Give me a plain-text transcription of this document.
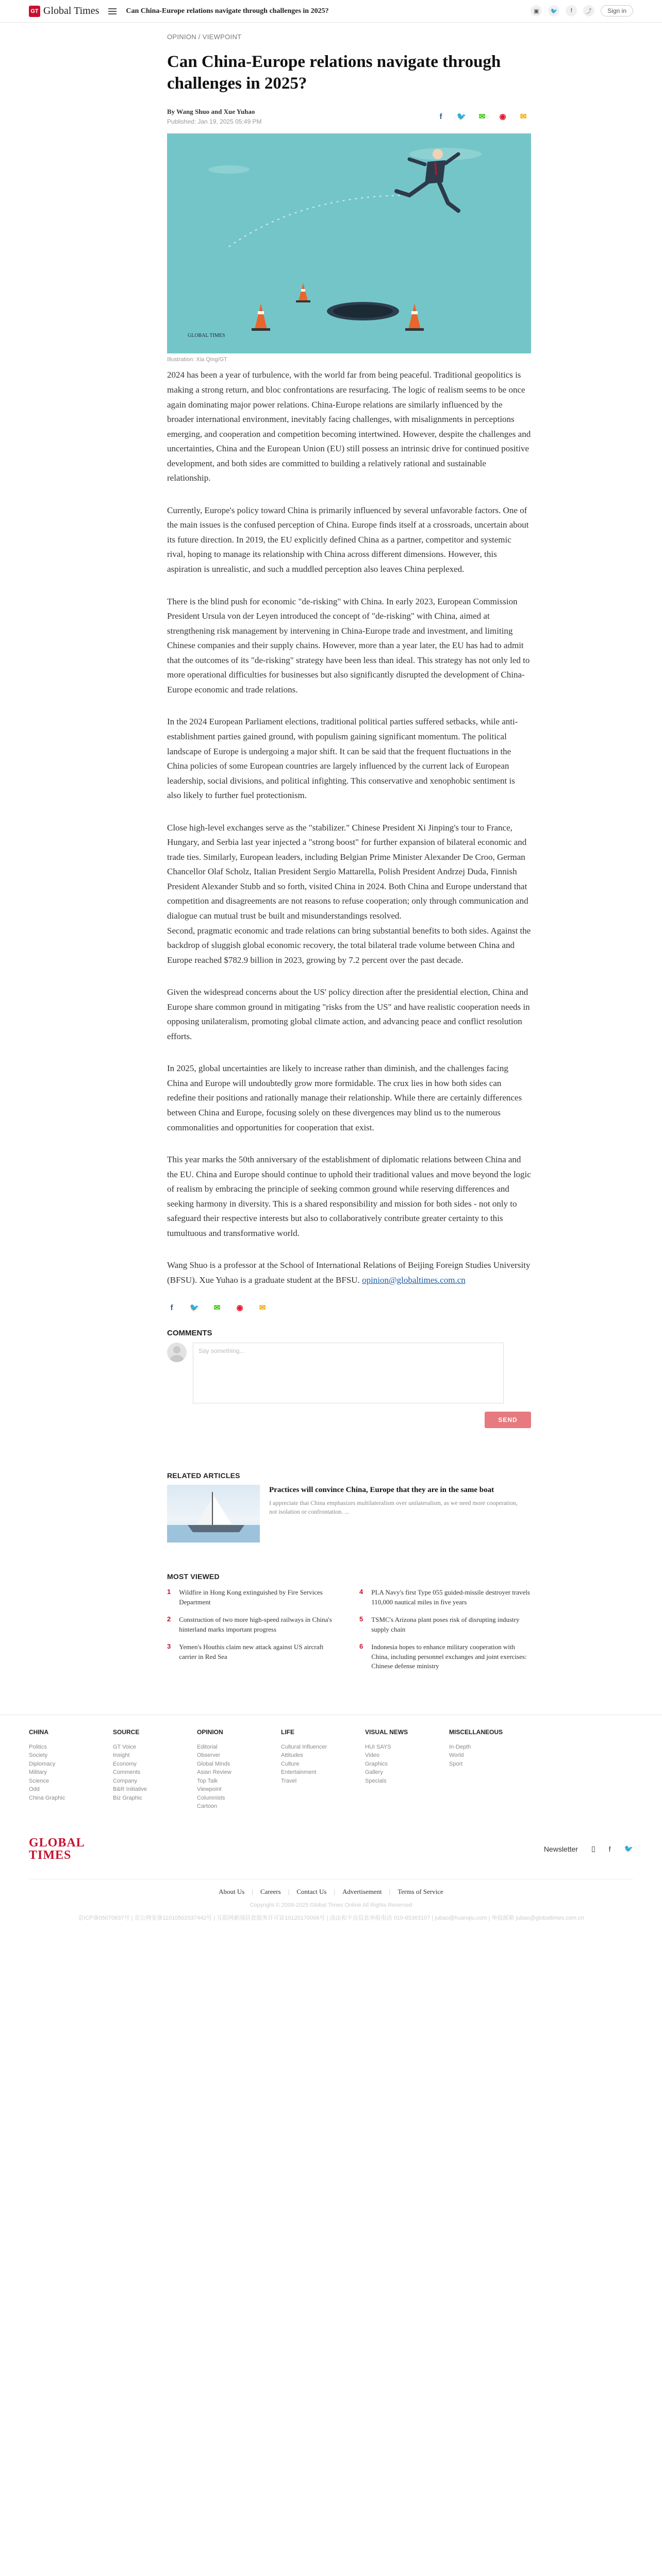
GT Global Times	Can China-Europe relations navigate through challenges in 2025?	▣	🐦	f	⤴	Sign in
OPINION / VIEWPOINT
Can China-Europe relations navigate through challenges in 2025?
By Wang Shuo and Xue Yuhao
Published: Jan 19, 2025 05:49 PM
f	🐦 ✉ ◉ ✉
GLOBAL TIMES
Illustration: Xia Qing/GT

2024 has been a year of turbulence, with the world far from being peaceful. Traditional geopolitics is making a strong return, and bloc confrontations are resurfacing. The logic of realism seems to be once again dominating major power relations. China-Europe relations are similarly influenced by the broader international environment, inevitably facing challenges, with misalignments in perceptions emerging, and cooperation and competition becoming intertwined. However, despite the challenges and uncertainties, China and the European Union (EU) still possess an intrinsic drive for continued positive development, and both sides are committed to building a relatively rational and sustainable relationship.

Currently, Europe's policy toward China is primarily influenced by several unfavorable factors. One of the main issues is the confused perception of China. Europe finds itself at a crossroads, uncertain about its future direction. In 2019, the EU explicitly defined China as a partner, competitor and systemic rival, hoping to manage its relationship with China across different dimensions. However, this aspiration is unrealistic, and such a muddled perception also leaves China perplexed.

There is the blind push for economic "de-risking" with China. In early 2023, European Commission President Ursula von der Leyen introduced the concept of "de-risking" with China, aimed at strengthening risk management by intervening in China-Europe trade and investment, and limiting Chinese companies and their supply chains. However, more than a year later, the EU has had to admit that the outcomes of its "de-risking" strategy have been less than ideal. This strategy has not only led to more operational difficulties for businesses but also significantly disrupted the development of China-Europe economic and trade relations.

In the 2024 European Parliament elections, traditional political parties suffered setbacks, while anti-establishment parties gained ground, with populism gaining significant momentum. The political landscape of Europe is undergoing a major shift. It can be said that the frequent fluctuations in the China policies of some European countries are largely influenced by the current lack of European leadership, social divisions, and political infighting. This conservative and xenophobic sentiment is also likely to further fuel protectionism.

Close high-level exchanges serve as the "stabilizer." Chinese President Xi Jinping's tour to France, Hungary, and Serbia last year injected a "strong boost" for further expansion of bilateral economic and trade ties. Similarly, European leaders, including Belgian Prime Minister Alexander De Croo, German Chancellor Olaf Scholz, Italian President Sergio Mattarella, Polish President Andrzej Duda, Finnish President Alexander Stubb and so forth, visited China in 2024. Both China and Europe understand that competition and disagreements are not reasons to refuse cooperation; only through communication and dialogue can mutual trust be built and misunderstandings resolved.

Second, pragmatic economic and trade relations can bring substantial benefits to both sides. Against the backdrop of sluggish global economic recovery, the total bilateral trade volume between China and Europe reached $782.9 billion in 2023, growing by 7.2 percent over the past decade.

Given the widespread concerns about the US' policy direction after the presidential election, China and Europe share common ground in mitigating "risks from the US" and have realistic cooperation needs in opposing unilateralism, promoting global climate action, and advancing peace and conflict resolution efforts.

In 2025, global uncertainties are likely to increase rather than diminish, and the challenges facing China and Europe will undoubtedly grow more formidable. The crux lies in how both sides can redefine their positions and rationally manage their relationship. While there are certainly differences between China and Europe, focusing solely on these divergences may blind us to the numerous commonalities and opportunities for cooperation that exist.

This year marks the 50th anniversary of the establishment of diplomatic relations between China and the EU. China and Europe should continue to uphold their traditional values and move beyond the logic of realism by embracing the principle of seeking common ground while reserving differences and seeking harmony in diversity. This is a shared responsibility and mission for both sides - not only to safeguard their respective interests but also to collaboratively contribute greater certainty to this tumultuous and transformative world.

Wang Shuo is a professor at the School of International Relations of Beijing Foreign Studies University (BFSU). Xue Yuhao is a graduate student at the BFSU. opinion@globaltimes.com.cn

f	🐦 ✉ ◉ ✉
COMMENTS
Say something...
SEND
RELATED ARTICLES
Practices will convince China, Europe that they are in the same boat
I appreciate that China emphasizes multilateralism over unilateralism, as we need more cooperation, not isolation or confrontation. ...
MOST VIEWED
1 Wildfire in Hong Kong extinguished by Fire Services Department
4 PLA Navy's first Type 055 guided-missile destroyer travels 110,000 nautical miles in five years
2 Construction of two more high-speed railways in China's hinterland marks important progress
5 TSMC's Arizona plant poses risk of disrupting industry supply chain
3 Yemen's Houthis claim new attack against US aircraft carrier in Red Sea
6 Indonesia hopes to enhance military cooperation with China, including personnel exchanges and joint exercises: Chinese defense ministry
CHINA
Politics
Society
Diplomacy
Military
Science
Odd
China Graphic
SOURCE
GT Voice
Insight
Economy
Comments
Company
B&R Initiative
Biz Graphic
OPINION
Editorial
Observer
Global Minds
Asian Review
Top Talk
Viewpoint
Columnists
Cartoon
LIFE
Cultural Influencer
Attitudes
Culture
Entertainment
Travel
VISUAL NEWS
HUI SAYS
Video
Graphics
Gallery
Specials
MISCELLANEOUS
In-Depth
World
Sport
GLOBAL
TIMES	Newsletter ▯ f 🐦
About Us | Careers | Contact Us | Advertisement | Terms of Service
Copyright © 2009-2025 Global Times Online All Rights Reserved
京ICP备05070837号 | 京公网安备11010502037442号 | 互联网新闻信息服务许可证10120170006号 | 违法和不良信息举报电话 010-65363107 | jubao@huanqiu.com | 举报邮箱 jubao@globaltimes.com.cn
